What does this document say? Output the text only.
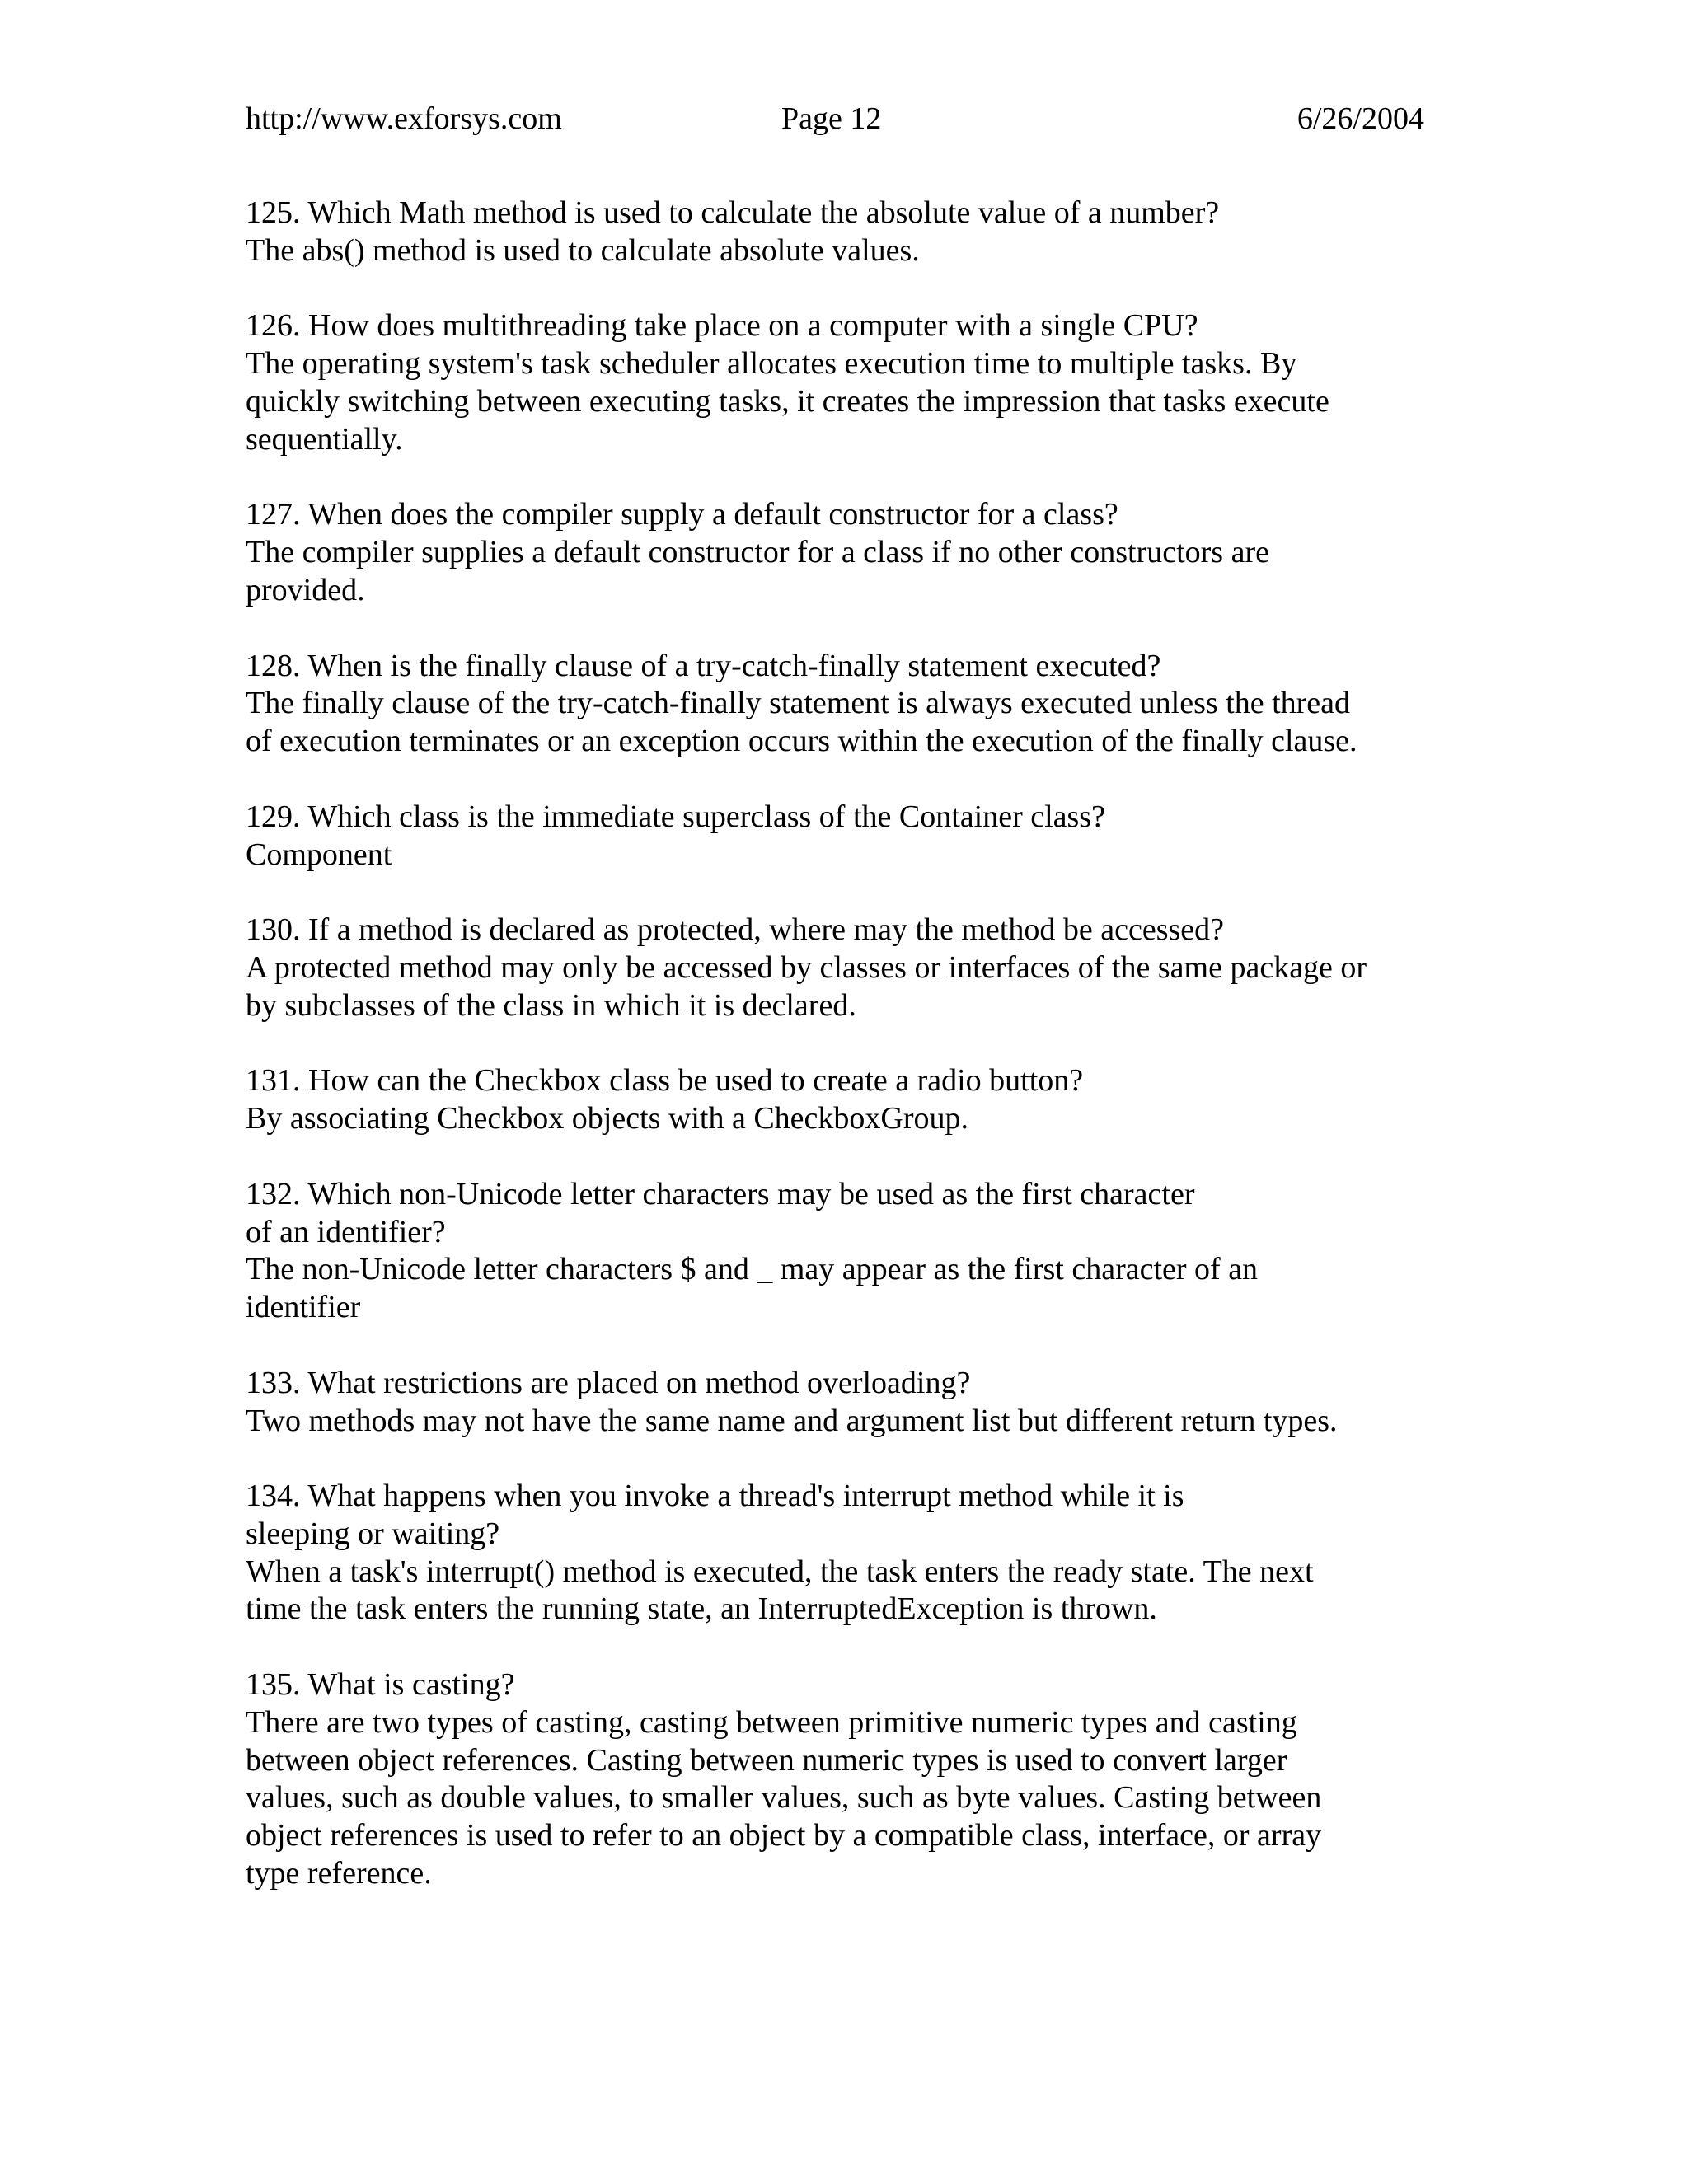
http://www.exforsys.com	Page 12	6/26/2004

125. Which Math method is used to calculate the absolute value of a number?

The abs() method is used to calculate absolute values.

126. How does multithreading take place on a computer with a single CPU?

The operating system's task scheduler allocates execution time to multiple tasks. By
quickly switching between executing tasks, it creates the impression that tasks execute
sequentially.

127. When does the compiler supply a default constructor for a class?

The compiler supplies a default constructor for a class if no other constructors are
provided.

128. When is the finally clause of a try-catch-finally statement executed?

The finally clause of the try-catch-finally statement is always executed unless the thread
of execution terminates or an exception occurs within the execution of the finally clause.

129. Which class is the immediate superclass of the Container class?

Component

130. If a method is declared as protected, where may the method be accessed?

A protected method may only be accessed by classes or interfaces of the same package or
by subclasses of the class in which it is declared.

131. How can the Checkbox class be used to create a radio button?

By associating Checkbox objects with a CheckboxGroup.

132. Which non-Unicode letter characters may be used as the first character
of an identifier?

The non-Unicode letter characters $ and _ may appear as the first character of an
identifier

133. What restrictions are placed on method overloading?

Two methods may not have the same name and argument list but different return types.

134. What happens when you invoke a thread's interrupt method while it is
sleeping or waiting?

When a task's interrupt() method is executed, the task enters the ready state. The next
time the task enters the running state, an InterruptedException is thrown.

135. What is casting?

There are two types of casting, casting between primitive numeric types and casting
between object references. Casting between numeric types is used to convert larger
values, such as double values, to smaller values, such as byte values. Casting between
object references is used to refer to an object by a compatible class, interface, or array
type reference.
